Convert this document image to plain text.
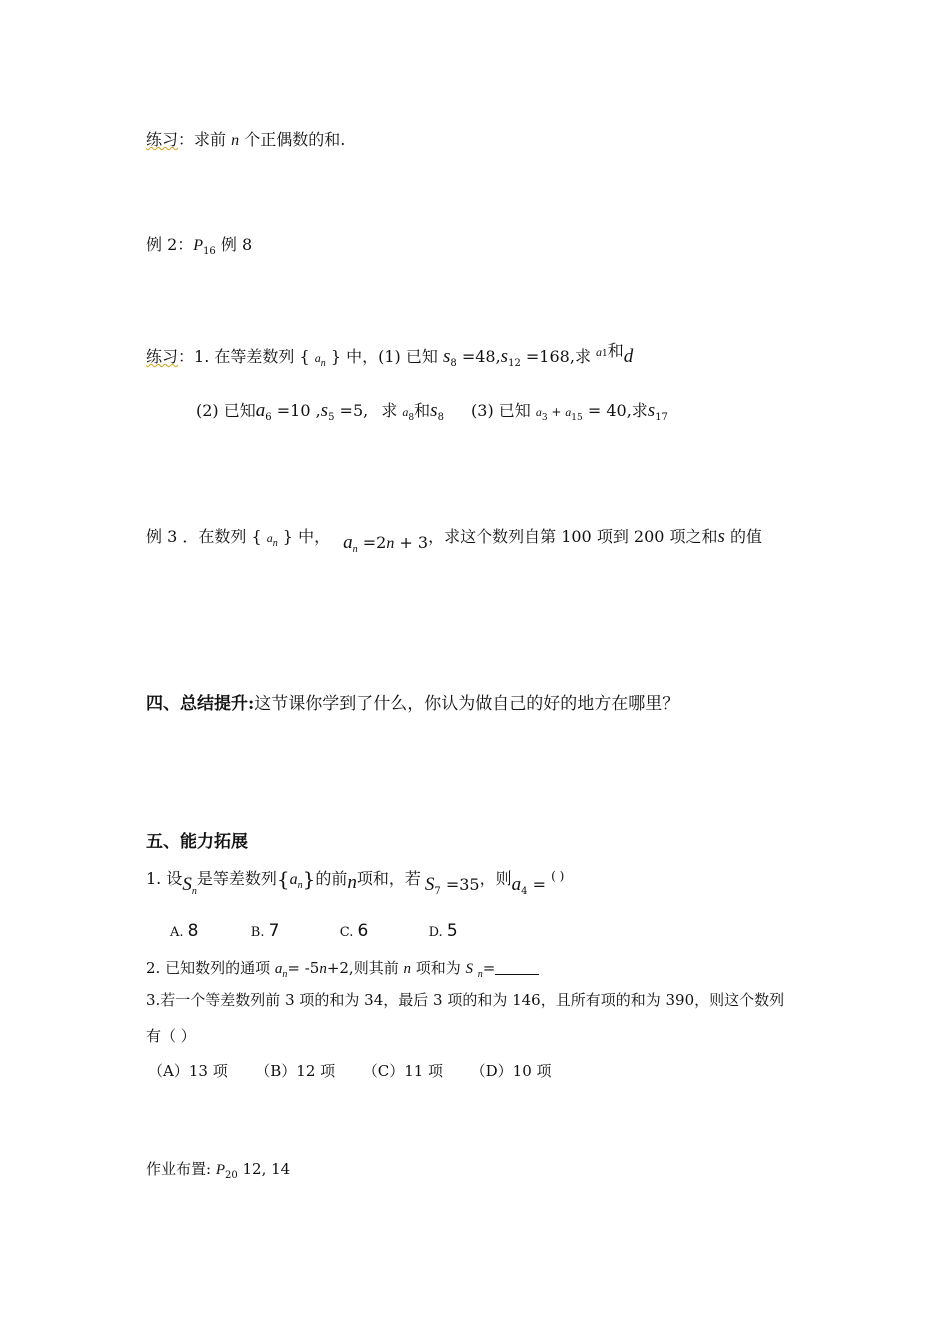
练习：求前 n 个正偶数的和.
例 2：$P_{16}$ 例 8
练习：1. 在等差数列 { $a_n$ } 中，(1) 已知 $s_8 =48,s_{12} =168$,求 $^{a1}$和d
(2) 已知$a_6 =10$ $,s_5 =5$, 求 $a_8$和$s_8$ (3) 已知 $a_3 + a_{15} = 40$,求$s_{17}$
例 3 ．在数列 { $a_n$ } 中， $a_n =2n + 3$，求这个数列自第 100 项到 200 项之和s 的值
四、总结提升:这节课你学到了什么，你认为做自己的好的地方在哪里？
五、能力拓展
1. 设$S_n$是等差数列$\{a_n\}$的前n项和，若 $S_7 =35$，则$a_4 = ^{( )}$
A. 8	B. 7	C. 6	D. 5
2. 已知数列的通项 $a_n= -5n+2$,则其前 n 项和为 S $_n$=
3.若一个等差数列前 3 项的和为 34，最后 3 项的和为 146，且所有项的和为 390，则这个数列
有（ ）
（A）13 项 （B）12 项 （C）11 项 （D）10 项
作业布置: $P_{20}$ 12, 14
